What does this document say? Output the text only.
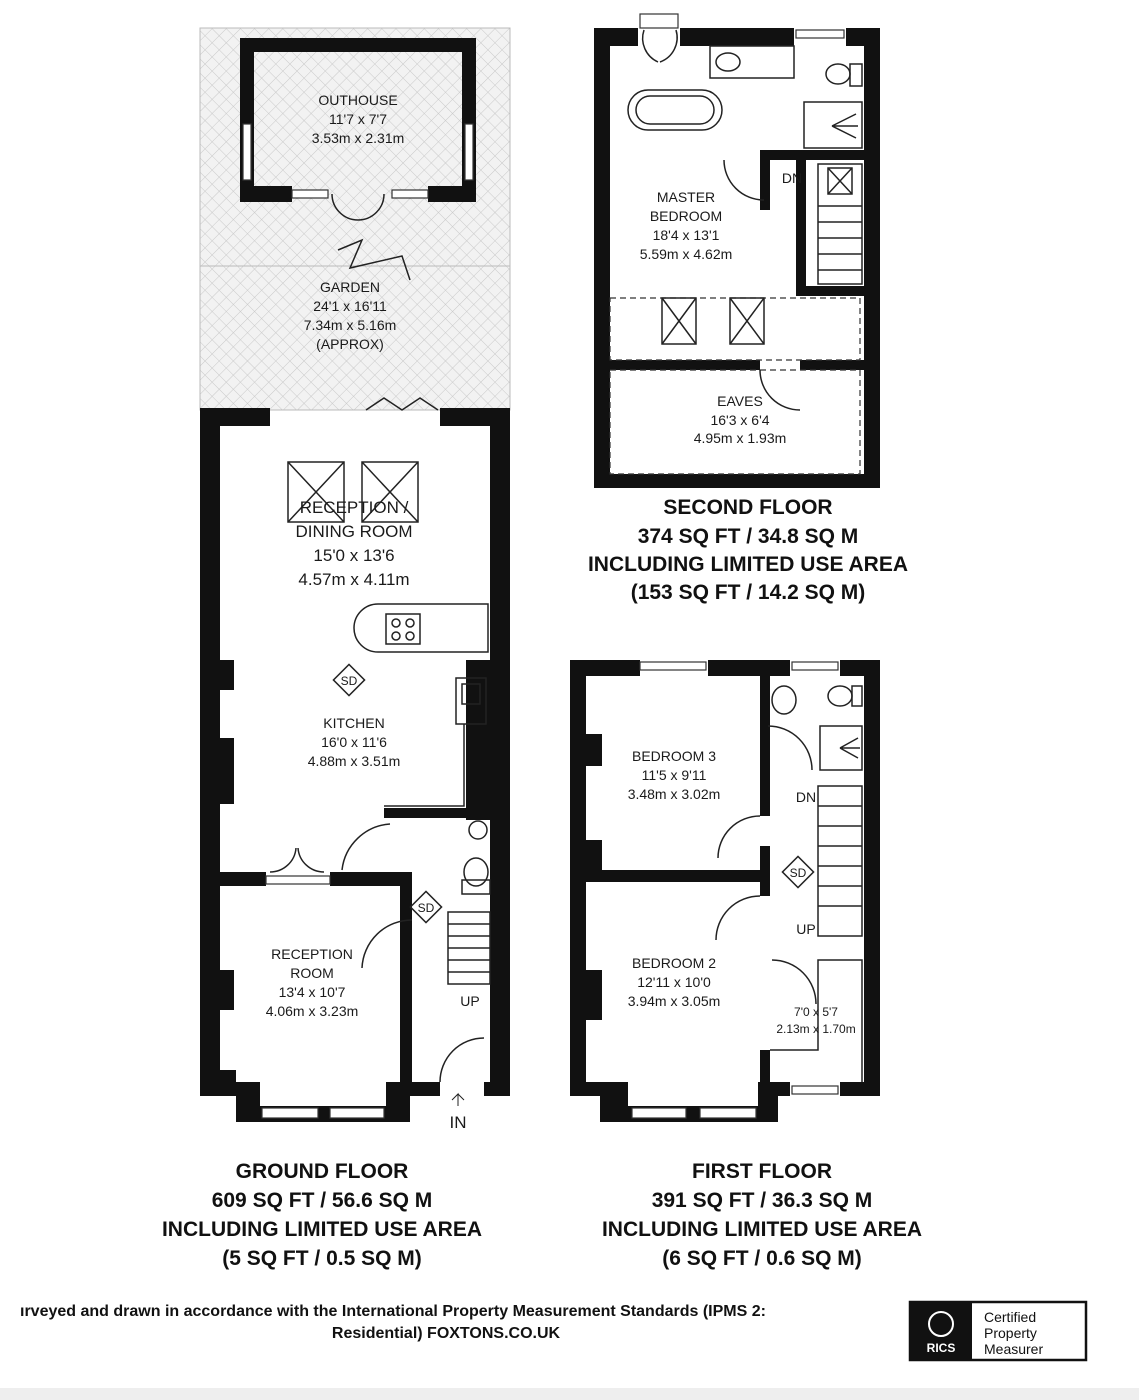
OUTHOUSE
11'7 x 7'7
3.53m x 2.31m
GARDEN
24'1 x 16'11
7.34m x 5.16m
(APPROX)
RECEPTION /
DINING ROOM
15'0 x 13'6
4.57m x 4.11m
KITCHEN
16'0 x 11'6
4.88m x 3.51m
RECEPTION
ROOM
13'4 x 10'7
4.06m x 3.23m
SD
SD
UP
IN
MASTER
BEDROOM
18'4 x 13'1
5.59m x 4.62m
DN
EAVES
16'3 x 6'4
4.95m x 1.93m
SECOND FLOOR
374 SQ FT / 34.8 SQ M
INCLUDING LIMITED USE AREA
(153 SQ FT / 14.2 SQ M)
BEDROOM 3
11'5 x 9'11
3.48m x 3.02m
BEDROOM 2
12'11 x 10'0
3.94m x 3.05m
7'0 x 5'7
2.13m x 1.70m
DN
SD
UP
GROUND FLOOR
609 SQ FT / 56.6 SQ M
INCLUDING LIMITED USE AREA
(5 SQ FT / 0.5 SQ M)
FIRST FLOOR
391 SQ FT / 36.3 SQ M
INCLUDING LIMITED USE AREA
(6 SQ FT / 0.6 SQ M)
ırveyed and drawn in accordance with the International Property Measurement Standards (IPMS 2:
Residential) FOXTONS.CO.UK
RICS
Certified
Property
Measurer
